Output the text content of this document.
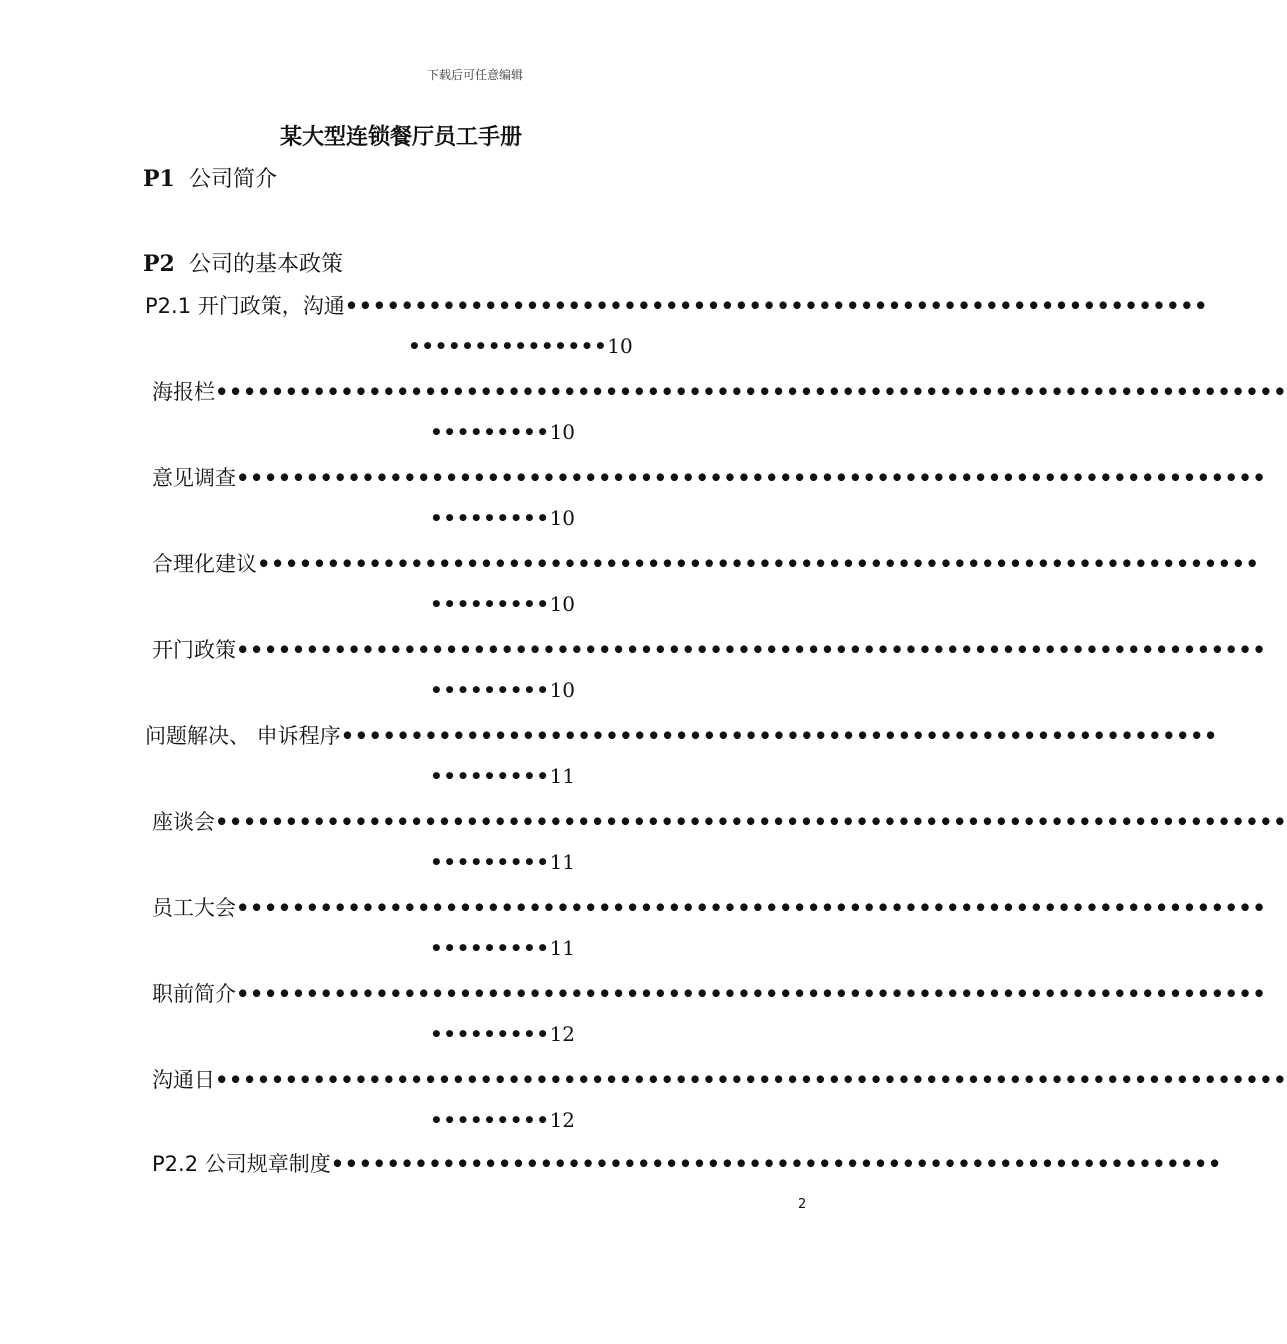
下载后可任意编辑
某大型连锁餐厅员工手册
P1 公司简介
P2 公司的基本政策
P2.1 开门政策，沟通••••••••••••••••••••••••••••••••••••••••••••••••••••••••••••••
•••••••••••••••10
海报栏•••••••••••••••••••••••••••••••••••••••••••••••••••••••••••••••••••••••••••••
•••••••••10
意见调查••••••••••••••••••••••••••••••••••••••••••••••••••••••••••••••••••••••••••
•••••••••10
合理化建议••••••••••••••••••••••••••••••••••••••••••••••••••••••••••••••••••••••••
•••••••••10
开门政策••••••••••••••••••••••••••••••••••••••••••••••••••••••••••••••••••••••••••
•••••••••10
问题解决、 申诉程序•••••••••••••••••••••••••••••••••••••••••••••••••••••••••••••••
•••••••••11
座谈会•••••••••••••••••••••••••••••••••••••••••••••••••••••••••••••••••••••••••••••
•••••••••11
员工大会••••••••••••••••••••••••••••••••••••••••••••••••••••••••••••••••••••••••••
•••••••••11
职前简介••••••••••••••••••••••••••••••••••••••••••••••••••••••••••••••••••••••••••
•••••••••12
沟通日•••••••••••••••••••••••••••••••••••••••••••••••••••••••••••••••••••••••••••••
•••••••••12
P2.2 公司规章制度••••••••••••••••••••••••••••••••••••••••••••••••••••••••••••••••
2
